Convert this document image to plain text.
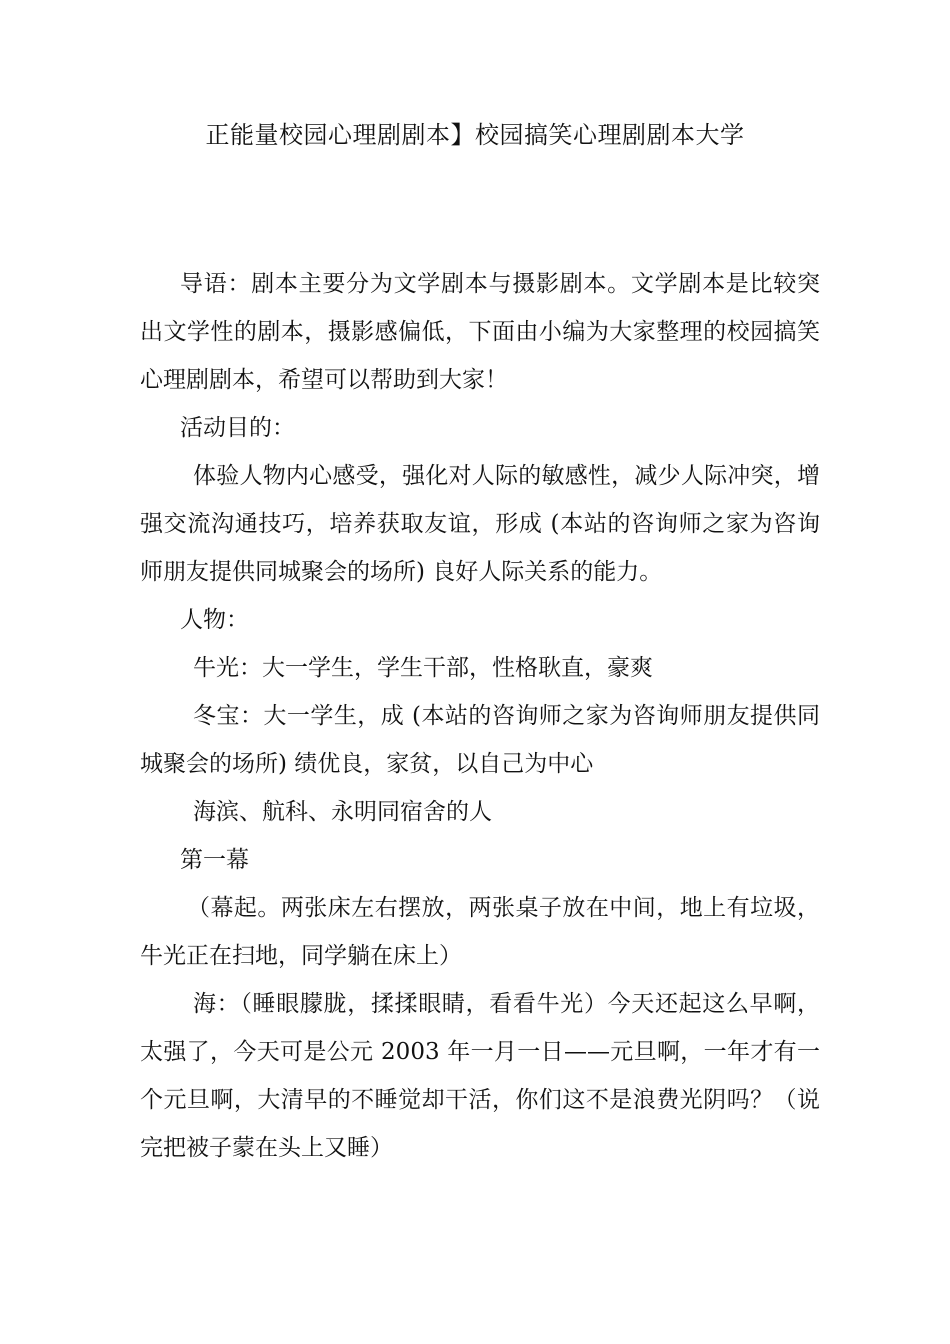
正能量校园心理剧剧本】校园搞笑心理剧剧本大学

导语：剧本主要分为文学剧本与摄影剧本。文学剧本是比较突出文学性的剧本，摄影感偏低，下面由小编为大家整理的校园搞笑心理剧剧本，希望可以帮助到大家！

活动目的：

体验人物内心感受，强化对人际的敏感性，减少人际冲突，增强交流沟通技巧，培养获取友谊，形成 (本站的咨询师之家为咨询师朋友提供同城聚会的场所) 良好人际关系的能力。

人物：

牛光：大一学生，学生干部，性格耿直，豪爽

冬宝：大一学生，成 (本站的咨询师之家为咨询师朋友提供同城聚会的场所) 绩优良，家贫，以自己为中心

海滨、航科、永明同宿舍的人

第一幕

（幕起。两张床左右摆放，两张桌子放在中间，地上有垃圾，牛光正在扫地，同学躺在床上）

海：（睡眼朦胧，揉揉眼睛，看看牛光）今天还起这么早啊，太强了，今天可是公元 2003 年一月一日——元旦啊，一年才有一个元旦啊，大清早的不睡觉却干活，你们这不是浪费光阴吗？（说完把被子蒙在头上又睡）
